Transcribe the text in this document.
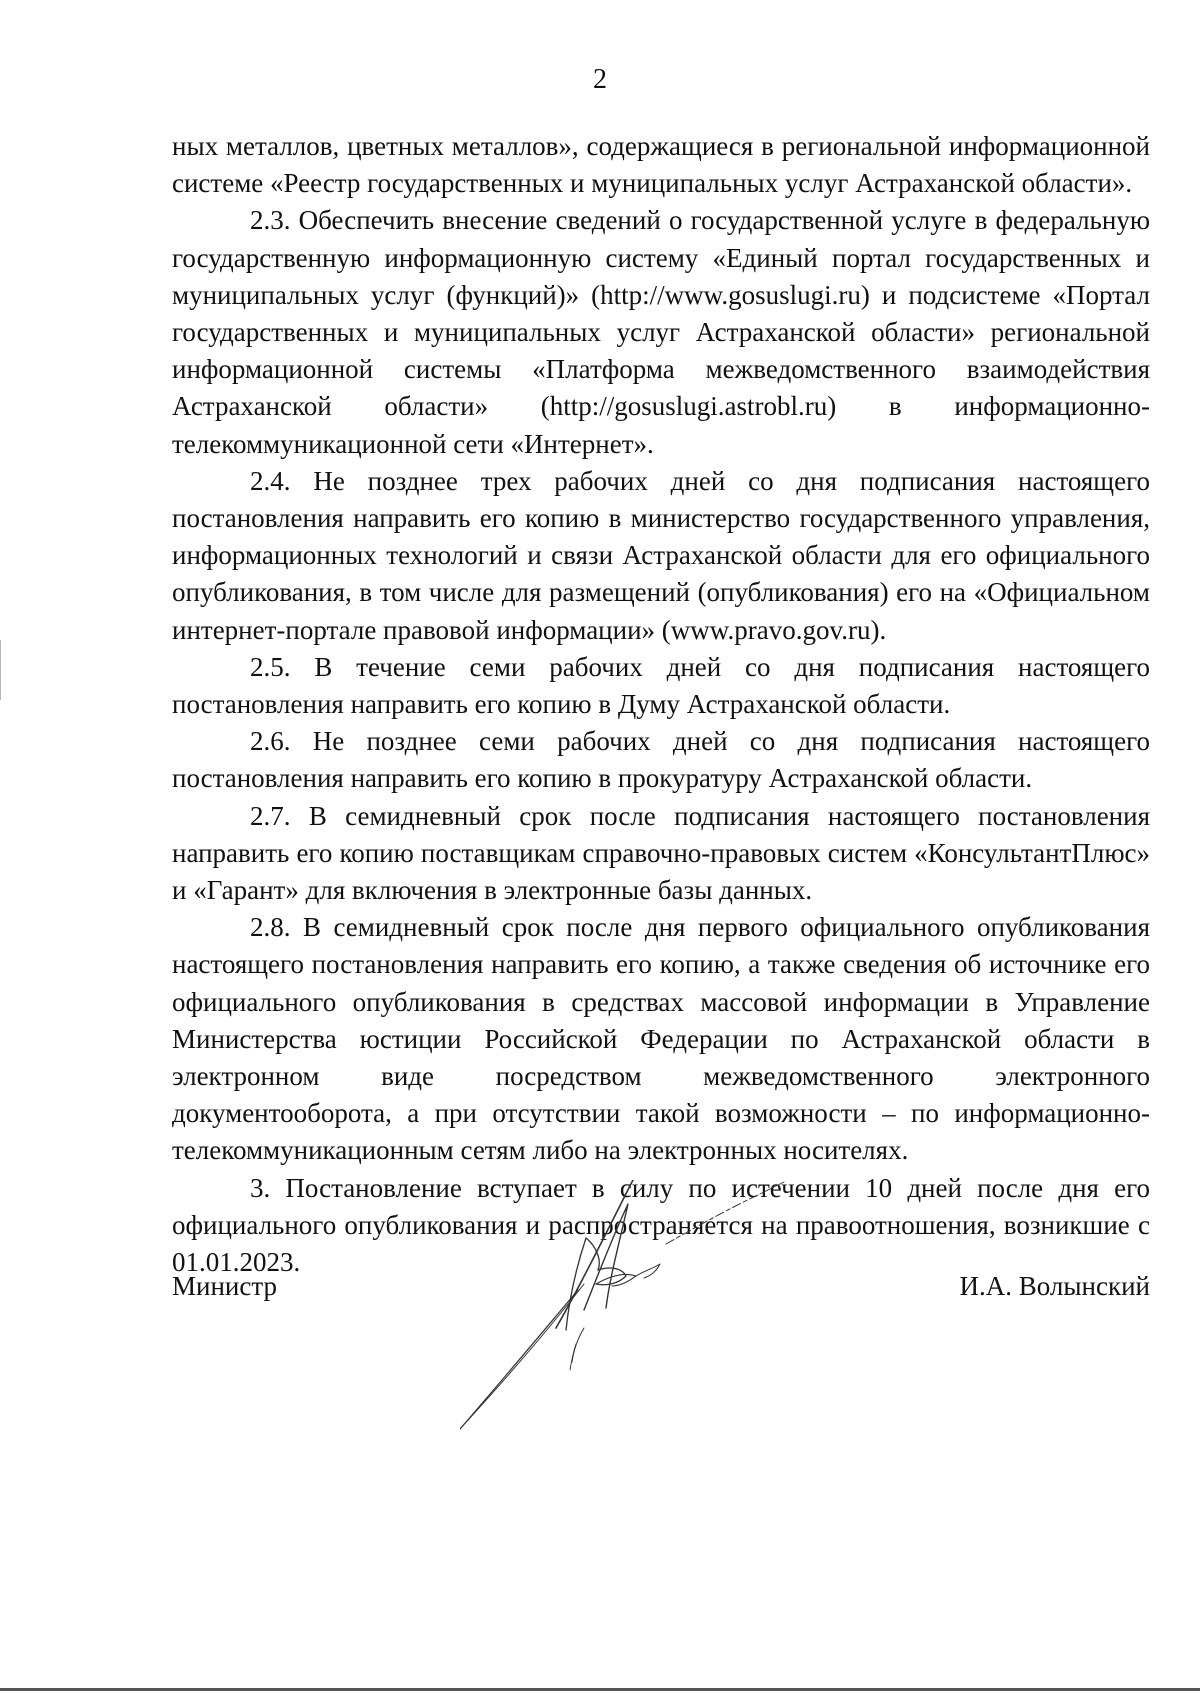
2

ных металлов, цветных металлов», содержащиеся в региональной информационной системе «Реестр государственных и муниципальных услуг Астраханской области».

2.3. Обеспечить внесение сведений о государственной услуге в федеральную государственную информационную систему «Единый портал государственных и муниципальных услуг (функций)» (http://www.gosuslugi.ru) и подсистеме «Портал государственных и муниципальных услуг Астраханской области» региональной информационной системы «Платформа межведомственного взаимодействия Астраханской области» (http://gosuslugi.astrobl.ru) в информационно-телекоммуникационной сети «Интернет».

2.4. Не позднее трех рабочих дней со дня подписания настоящего постановления направить его копию в министерство государственного управления, информационных технологий и связи Астраханской области для его официального опубликования, в том числе для размещений (опубликования) его на «Официальном интернет-портале правовой информации» (www.pravo.gov.ru).

2.5. В течение семи рабочих дней со дня подписания настоящего постановления направить его копию в Думу Астраханской области.

2.6. Не позднее семи рабочих дней со дня подписания настоящего постановления направить его копию в прокуратуру Астраханской области.

2.7. В семидневный срок после подписания настоящего постановления направить его копию поставщикам справочно-правовых систем «КонсультантПлюс» и «Гарант» для включения в электронные базы данных.

2.8. В семидневный срок после дня первого официального опубликования настоящего постановления направить его копию, а также сведения об источнике его официального опубликования в средствах массовой информации в Управление Министерства юстиции Российской Федерации по Астраханской области в электронном виде посредством межведомственного электронного документооборота, а при отсутствии такой возможности – по информационно-телекоммуникационным сетям либо на электронных носителях.

3. Постановление вступает в силу по истечении 10 дней после дня его официального опубликования и распространяется на правоотношения, возникшие с 01.01.2023.

Министр	И.А. Волынский
